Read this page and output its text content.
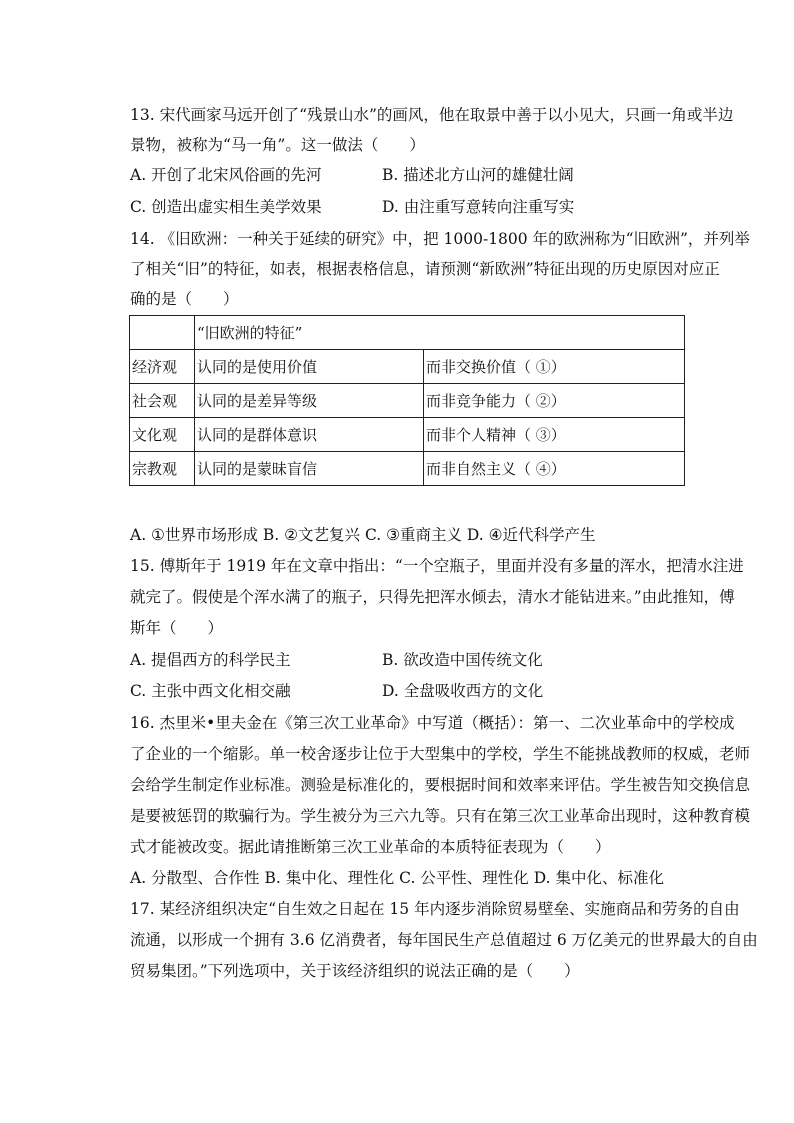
13. 宋代画家马远开创了“残景山水”的画风，他在取景中善于以小见大，只画一角或半边
景物，被称为“马一角”。这一做法（　　）
A. 开创了北宋风俗画的先河	B. 描述北方山河的雄健壮阔
C. 创造出虚实相生美学效果	D. 由注重写意转向注重写实
14. 《旧欧洲：一种关于延续的研究》中，把 1000-1800 年的欧洲称为“旧欧洲”，并列举
了相关“旧”的特征，如表，根据表格信息，请预测“新欧洲”特征出现的历史原因对应正
确的是（　　）
	“旧欧洲的特征”	
经济观	认同的是使用价值	而非交换价值（ ①）
社会观	认同的是差异等级	而非竞争能力（ ②）
文化观	认同的是群体意识	而非个人精神（ ③）
宗教观	认同的是蒙昧盲信	而非自然主义（ ④）
A. ①世界市场形成 B. ②文艺复兴 C. ③重商主义 D. ④近代科学产生
15. 傅斯年于 1919 年在文章中指出：“一个空瓶子，里面并没有多量的浑水，把清水注进
就完了。假使是个浑水满了的瓶子，只得先把浑水倾去，清水才能钻进来。”由此推知，傅
斯年（　　）
A. 提倡西方的科学民主	B. 欲改造中国传统文化
C. 主张中西文化相交融	D. 全盘吸收西方的文化
16. 杰里米•里夫金在《第三次工业革命》中写道（概括）：第一、二次业革命中的学校成
了企业的一个缩影。单一校舍逐步让位于大型集中的学校，学生不能挑战教师的权威，老师
会给学生制定作业标准。测验是标准化的，要根据时间和效率来评估。学生被告知交换信息
是要被惩罚的欺骗行为。学生被分为三六九等。只有在第三次工业革命出现时，这种教育模
式才能被改变。据此请推断第三次工业革命的本质特征表现为（　　）
A. 分散型、合作性 B. 集中化、理性化 C. 公平性、理性化 D. 集中化、标准化
17. 某经济组织决定“自生效之日起在 15 年内逐步消除贸易壁垒、实施商品和劳务的自由
流通，以形成一个拥有 3.6 亿消费者，每年国民生产总值超过 6 万亿美元的世界最大的自由
贸易集团。”下列选项中，关于该经济组织的说法正确的是（　　）
